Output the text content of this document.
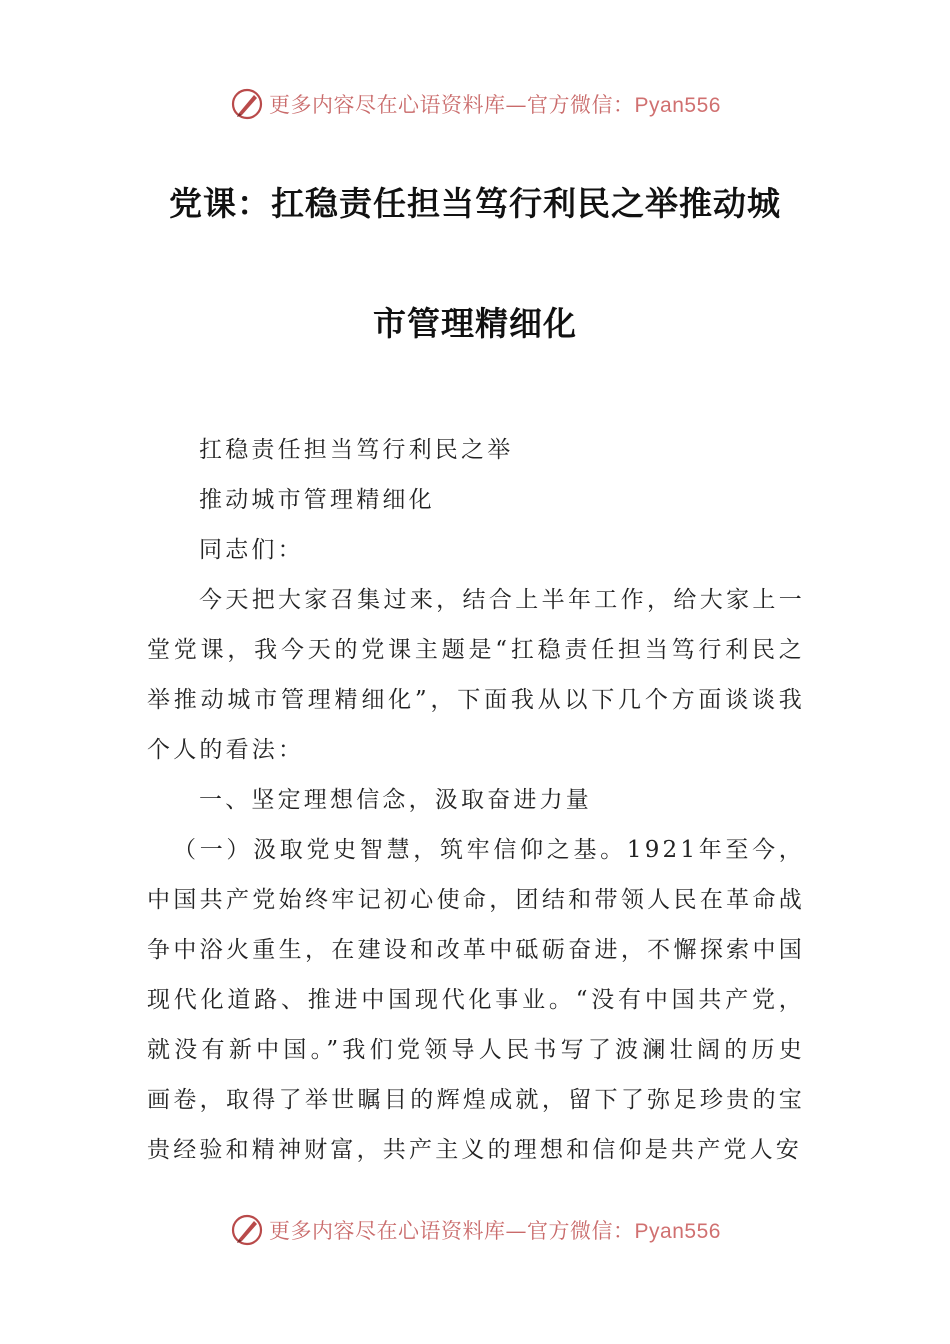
更多内容尽在心语资料库—官方微信：Pyan556
党课：扛稳责任担当笃行利民之举推动城
市管理精细化

扛稳责任担当笃行利民之举

推动城市管理精细化

同志们：

今天把大家召集过来，结合上半年工作，给大家上一堂党课，我今天的党课主题是“扛稳责任担当笃行利民之举推动城市管理精细化”，下面我从以下几个方面谈谈我个人的看法：

一、坚定理想信念，汲取奋进力量

（一）汲取党史智慧，筑牢信仰之基。1921年至今，中国共产党始终牢记初心使命，团结和带领人民在革命战争中浴火重生，在建设和改革中砥砺奋进，不懈探索中国现代化道路、推进中国现代化事业。“没有中国共产党，就没有新中国。”我们党领导人民书写了波澜壮阔的历史画卷，取得了举世瞩目的辉煌成就，留下了弥足珍贵的宝贵经验和精神财富，共产主义的理想和信仰是共产党人安

更多内容尽在心语资料库—官方微信：Pyan556
